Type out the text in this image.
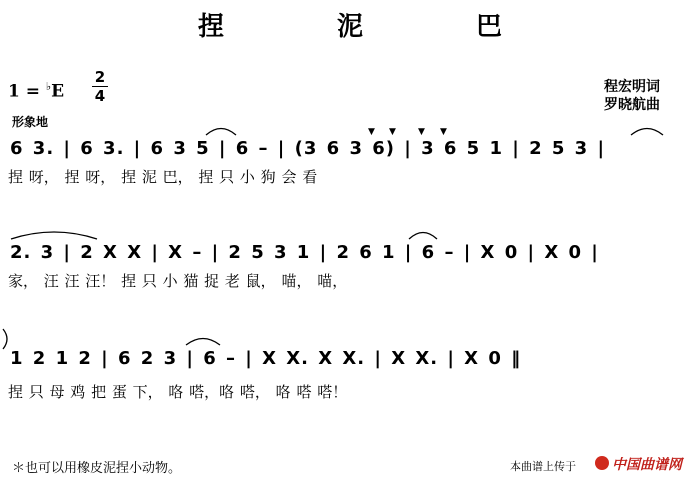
捏 泥 巴
1 = ♭E
2
4	程宏明词
罗晓航曲
形象地
6 3. | 6 3. | 6 3 5 | 6 – | (3 6 3 6) | 3 6 5 1 | 2 5 3 |
捏 呀， 捏 呀， 捏 泥 巴， 捏 只 小 狗 会 看
▼ ▼ ▼ ▼
2. 3 | 2 X X | X – | 2 5 3 1 | 2 6 1 | 6 – | X 0 | X 0 |
家， 汪 汪 汪！ 捏 只 小 猫 捉 老 鼠， 喵， 喵，
1 2 1 2 | 6 2 3 | 6 – | X X. X X. | X X. | X 0 ‖
捏 只 母 鸡 把 蛋 下， 咯 嗒，咯 嗒， 咯 嗒 嗒！
＊也可以用橡皮泥捏小动物。	本曲谱上传于	中国曲谱网
